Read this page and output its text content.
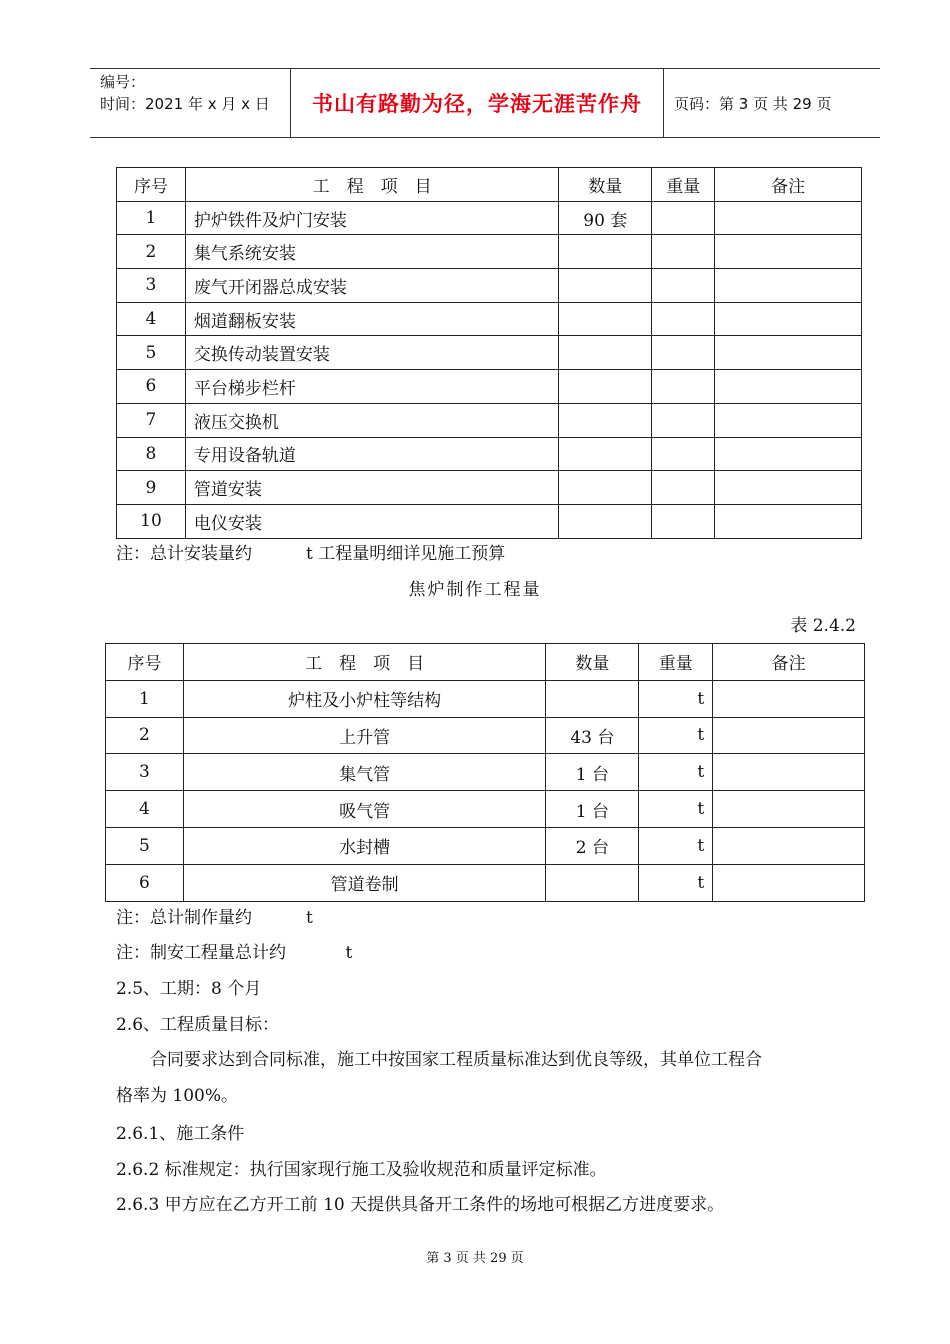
编号：
时间：2021 年 x 月 x 日	书山有路勤为径，学海无涯苦作舟	页码：第 3 页 共 29 页
序号	工　程　项　目	数量	重量	备注
1	护炉铁件及炉门安装	90 套		
2	集气系统安装			
3	废气开闭器总成安装			
4	烟道翻板安装			
5	交换传动装置安装			
6	平台梯步栏杆			
7	液压交换机			
8	专用设备轨道			
9	管道安装			
10	电仪安装			
注：总计安装量约          t 工程量明细详见施工预算
焦炉制作工程量
表 2.4.2
序号	工　程　项　目	数量	重量	备注
1	炉柱及小炉柱等结构		t	
2	上升管	43 台	t	
3	集气管	1 台	t	
4	吸气管	1 台	t	
5	水封槽	2 台	t	
6	管道卷制		t	
注：总计制作量约          t
注：制安工程量总计约           t
2.5、工期：8 个月
2.6、工程质量目标：
　　合同要求达到合同标准，施工中按国家工程质量标准达到优良等级，其单位工程合
格率为 100%。
2.6.1、施工条件
2.6.2 标准规定：执行国家现行施工及验收规范和质量评定标准。
2.6.3 甲方应在乙方开工前 10 天提供具备开工条件的场地可根据乙方进度要求。
第 3 页 共 29 页
